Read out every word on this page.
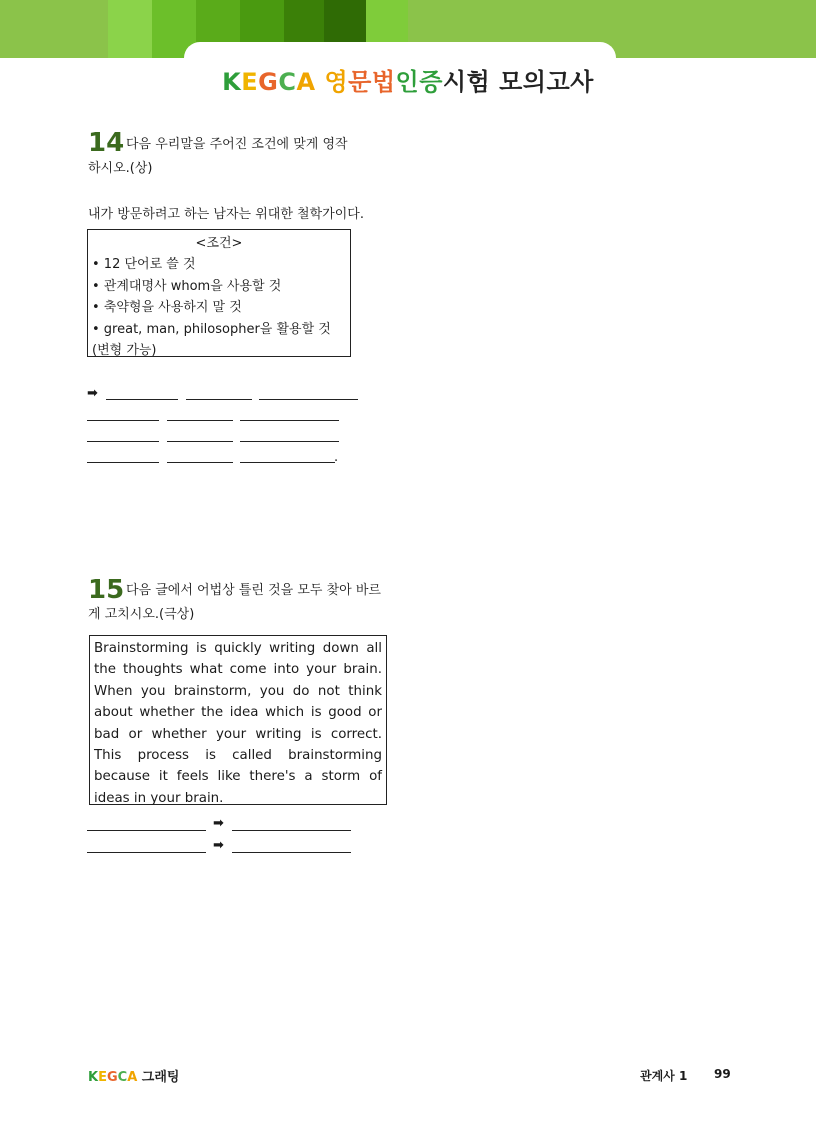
KEGCA 영문법인증시험 모의고사
14 다음 우리말을 주어진 조건에 맞게 영작
하시오.(상)
내가 방문하려고 하는 남자는 위대한 철학가이다.
<조건>
• 12 단어로 쓸 것
• 관계대명사 whom을 사용할 것
• 축약형을 사용하지 말 것
• great, man, philosopher을 활용할 것
(변형 가능)
➡
.
15 다음 글에서 어법상 틀린 것을 모두 찾아 바르
게 고치시오.(극상)

Brainstorming is quickly writing down all the thoughts what come into your brain. When you brainstorm, you do not think about whether the idea which is good or bad or whether your writing is correct. This process is called brainstorming because it feels like there's a storm of ideas in your brain.

➡
➡
KEGCA 그래팅	관계사 1 99
